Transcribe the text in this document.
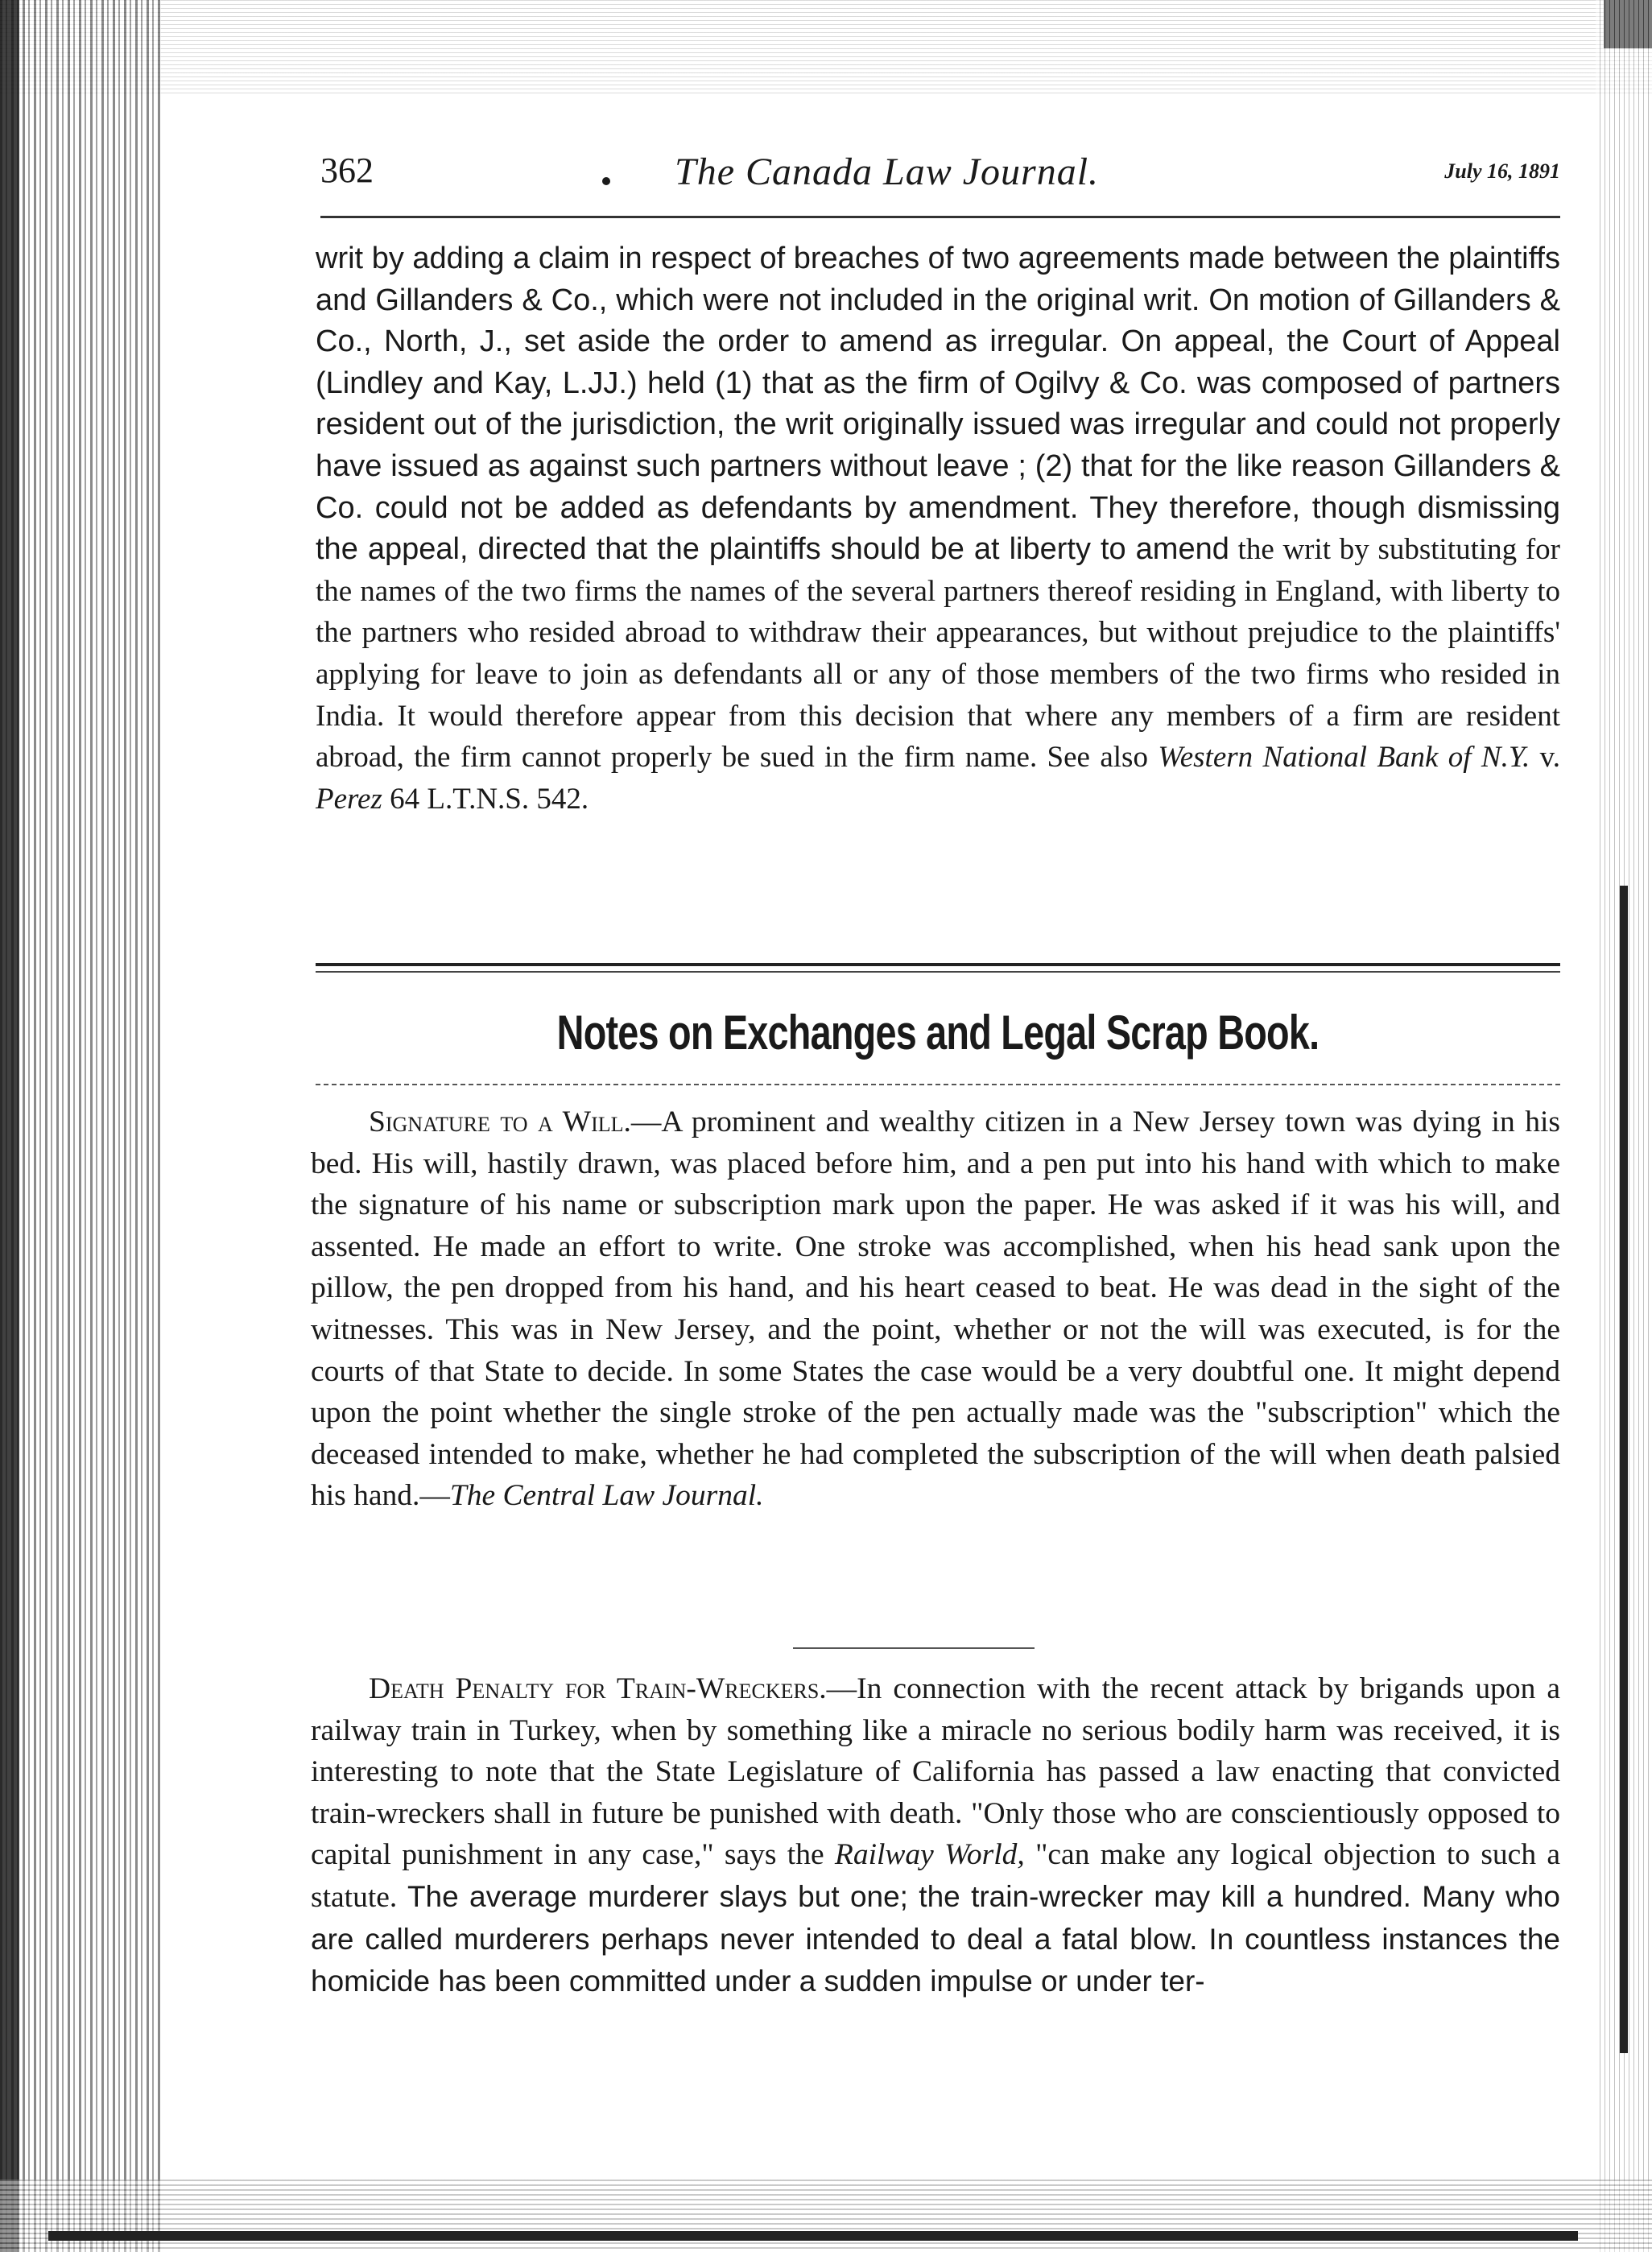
362	The Canada Law Journal.	July 16, 1891

writ by adding a claim in respect of breaches of two agreements made between the plaintiffs and Gillanders & Co., which were not included in the original writ. On motion of Gillanders & Co., North, J., set aside the order to amend as irregular. On appeal, the Court of Appeal (Lindley and Kay, L.JJ.) held (1) that as the firm of Ogilvy & Co. was composed of partners resident out of the jurisdiction, the writ originally issued was irregular and could not properly have issued as against such partners without leave ; (2) that for the like reason Gillanders & Co. could not be added as defendants by amendment. They therefore, though dismissing the appeal, directed that the plaintiffs should be at liberty to amend the writ by substituting for the names of the two firms the names of the several partners thereof residing in England, with liberty to the partners who resided abroad to withdraw their appearances, but without prejudice to the plaintiffs' applying for leave to join as defendants all or any of those members of the two firms who resided in India. It would therefore appear from this decision that where any members of a firm are resident abroad, the firm cannot properly be sued in the firm name. See also Western National Bank of N.Y. v. Perez 64 L.T.N.S. 542.

Notes on Exchanges and Legal Scrap Book.

Signature to a Will.—A prominent and wealthy citizen in a New Jersey town was dying in his bed. His will, hastily drawn, was placed before him, and a pen put into his hand with which to make the signature of his name or subscription mark upon the paper. He was asked if it was his will, and assented. He made an effort to write. One stroke was accomplished, when his head sank upon the pillow, the pen dropped from his hand, and his heart ceased to beat. He was dead in the sight of the witnesses. This was in New Jersey, and the point, whether or not the will was executed, is for the courts of that State to decide. In some States the case would be a very doubtful one. It might depend upon the point whether the single stroke of the pen actually made was the "subscription" which the deceased intended to make, whether he had completed the subscription of the will when death palsied his hand.—The Central Law Journal.

Death Penalty for Train-Wreckers.—In connection with the recent attack by brigands upon a railway train in Turkey, when by something like a miracle no serious bodily harm was received, it is interesting to note that the State Legislature of California has passed a law enacting that convicted train-wreckers shall in future be punished with death. "Only those who are conscientiously opposed to capital punishment in any case," says the Railway World, "can make any logical objection to such a statute. The average murderer slays but one; the train-wrecker may kill a hundred. Many who are called murderers perhaps never intended to deal a fatal blow. In countless instances the homicide has been committed under a sudden impulse or under ter-
